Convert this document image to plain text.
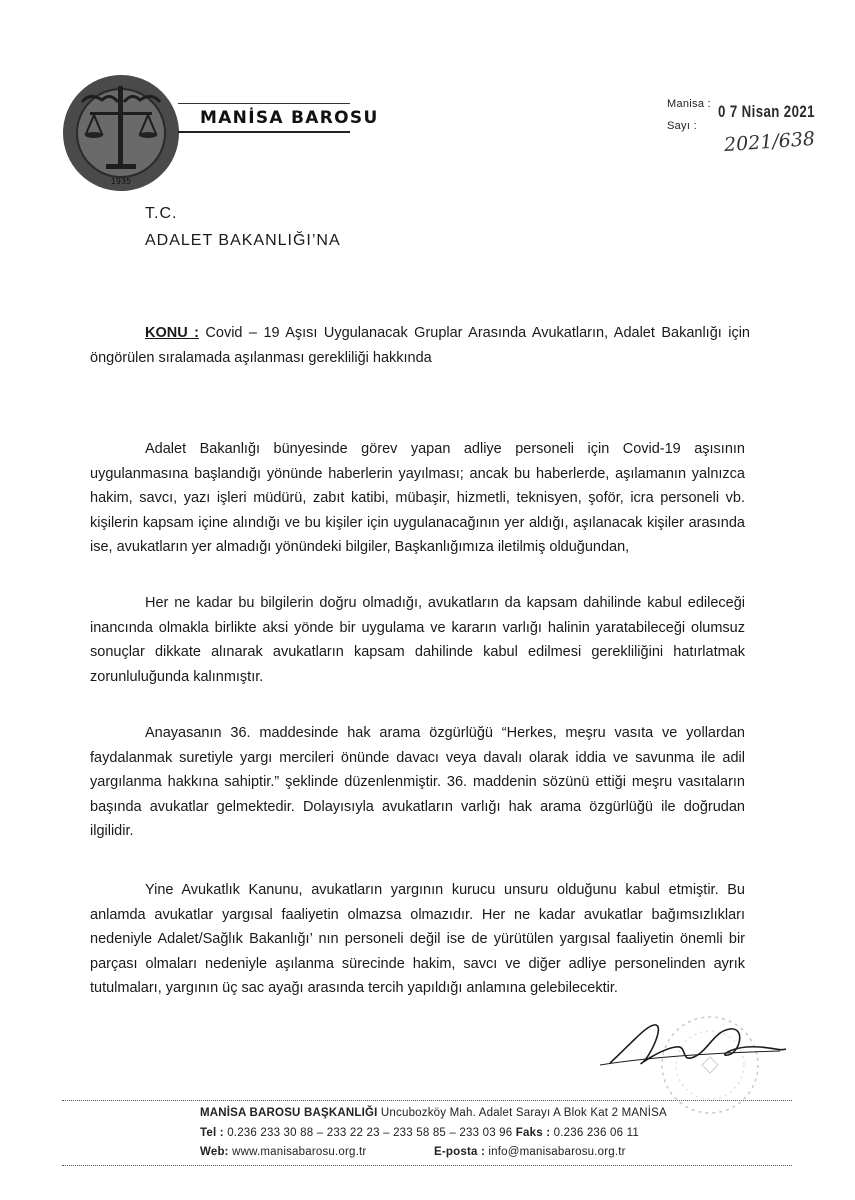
1935
MANİSA BAROSU
Manisa :
Sayı :
0 7 Nisan 2021
2021/638
T.C.
ADALET BAKANLIĞI’NA
KONU : Covid – 19 Aşısı Uygulanacak Gruplar Arasında Avukatların, Adalet Bakanlığı için öngörülen sıralamada aşılanması gerekliliği hakkında
Adalet Bakanlığı bünyesinde görev yapan adliye personeli için Covid-19 aşısının uygulanmasına başlandığı yönünde haberlerin yayılması; ancak bu haberlerde, aşılamanın yalnızca hakim, savcı, yazı işleri müdürü, zabıt katibi, mübaşir, hizmetli, teknisyen, şoför, icra personeli vb. kişilerin kapsam içine alındığı ve bu kişiler için uygulanacağının yer aldığı, aşılanacak kişiler arasında ise, avukatların yer almadığı yönündeki bilgiler, Başkanlığımıza iletilmiş olduğundan,
Her ne kadar bu bilgilerin doğru olmadığı, avukatların da kapsam dahilinde kabul edileceği inancında olmakla birlikte aksi yönde bir uygulama ve kararın varlığı halinin yaratabileceği olumsuz sonuçlar dikkate alınarak avukatların kapsam dahilinde kabul edilmesi gerekliliğini hatırlatmak zorunluluğunda kalınmıştır.
Anayasanın 36. maddesinde hak arama özgürlüğü “Herkes, meşru vasıta ve yollardan faydalanmak suretiyle yargı mercileri önünde davacı veya davalı olarak iddia ve savunma ile adil yargılanma hakkına sahiptir.” şeklinde düzenlenmiştir. 36. maddenin sözünü ettiği meşru vasıtaların başında avukatlar gelmektedir. Dolayısıyla avukatların varlığı hak arama özgürlüğü ile doğrudan ilgilidir.
Yine Avukatlık Kanunu, avukatların yargının kurucu unsuru olduğunu kabul etmiştir. Bu anlamda avukatlar yargısal faaliyetin olmazsa olmazıdır. Her ne kadar avukatlar bağımsızlıkları nedeniyle Adalet/Sağlık Bakanlığı’ nın personeli değil ise de yürütülen yargısal faaliyetin önemli bir parçası olmaları nedeniyle aşılanma sürecinde hakim, savcı ve diğer adliye personelinden ayrık tutulmaları, yargının üç sac ayağı arasında tercih yapıldığı anlamına gelebilecektir.
MANİSA BAROSU BAŞKANLIĞI Uncubozköy Mah. Adalet Sarayı A Blok Kat 2 MANİSA
Tel : 0.236 233 30 88 – 233 22 23 – 233 58 85 – 233 03 96 Faks : 0.236 236 06 11
Web: www.manisabarosu.org.tr	E-posta : info@manisabarosu.org.tr
